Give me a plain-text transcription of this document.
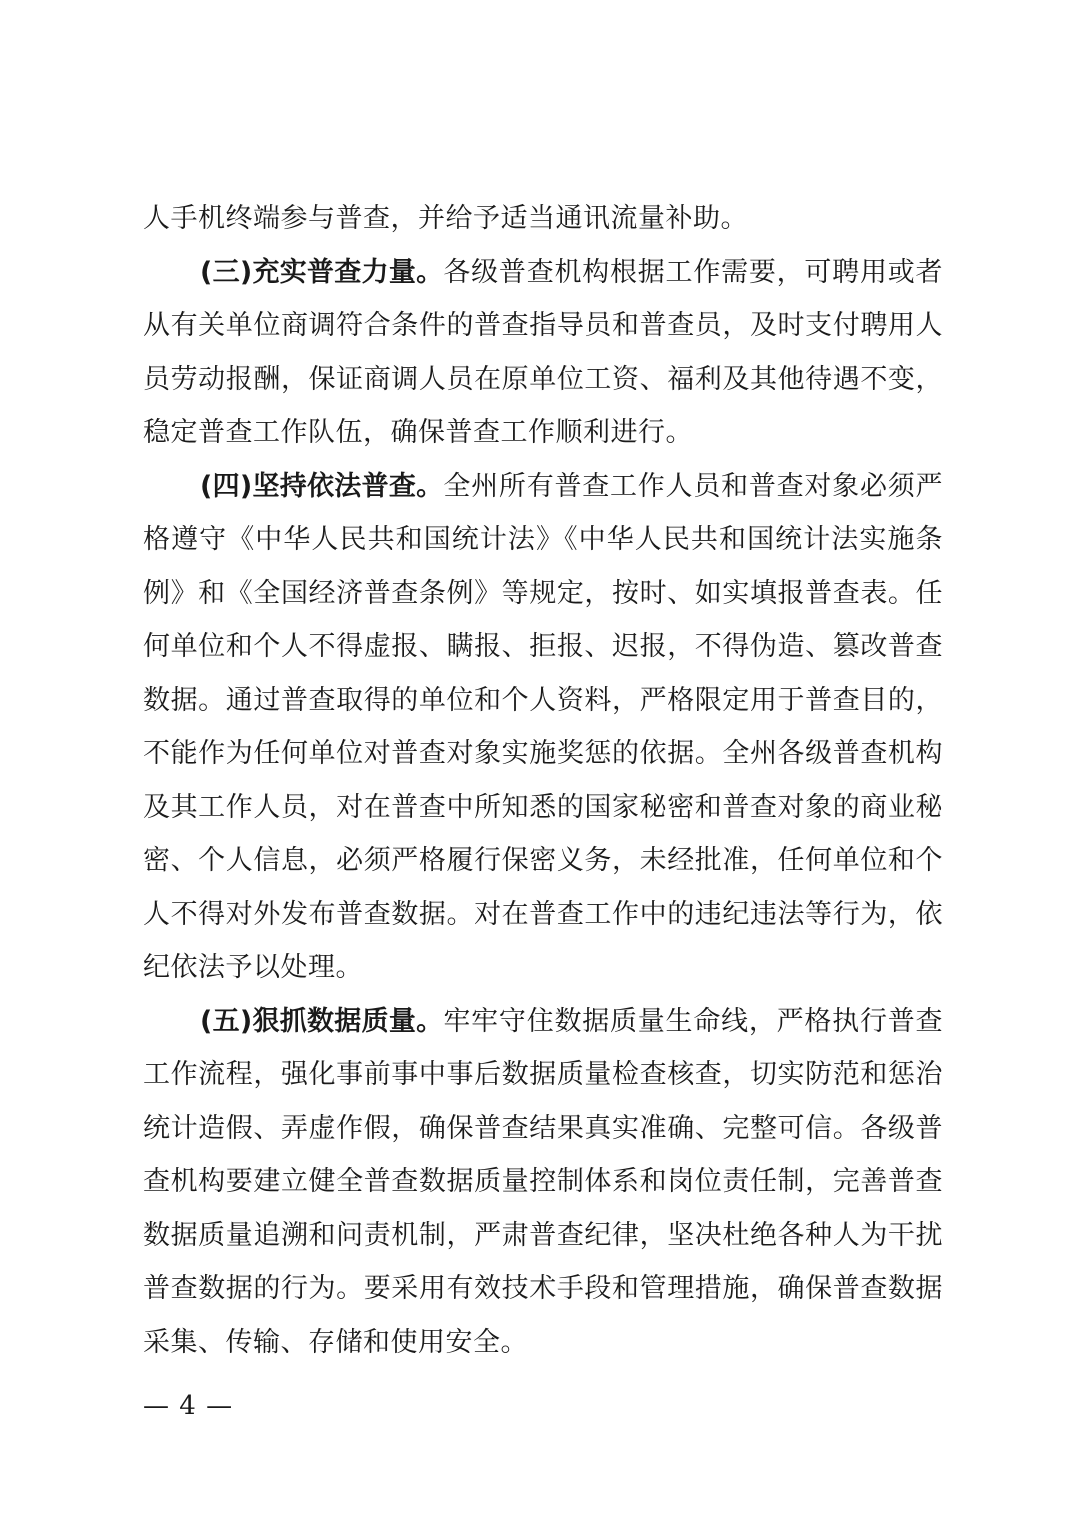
人手机终端参与普查，并给予适当通讯流量补助。

(三)充实普查力量。各级普查机构根据工作需要，可聘用或者从有关单位商调符合条件的普查指导员和普查员，及时支付聘用人员劳动报酬，保证商调人员在原单位工资、福利及其他待遇不变，稳定普查工作队伍，确保普查工作顺利进行。

(四)坚持依法普查。全州所有普查工作人员和普查对象必须严格遵守《中华人民共和国统计法》《中华人民共和国统计法实施条例》和《全国经济普查条例》等规定，按时、如实填报普查表。任何单位和个人不得虚报、瞒报、拒报、迟报，不得伪造、篡改普查数据。通过普查取得的单位和个人资料，严格限定用于普查目的，不能作为任何单位对普查对象实施奖惩的依据。全州各级普查机构及其工作人员，对在普查中所知悉的国家秘密和普查对象的商业秘密、个人信息，必须严格履行保密义务，未经批准，任何单位和个人不得对外发布普查数据。对在普查工作中的违纪违法等行为，依纪依法予以处理。

(五)狠抓数据质量。牢牢守住数据质量生命线，严格执行普查工作流程，强化事前事中事后数据质量检查核查，切实防范和惩治统计造假、弄虚作假，确保普查结果真实准确、完整可信。各级普查机构要建立健全普查数据质量控制体系和岗位责任制，完善普查数据质量追溯和问责机制，严肃普查纪律，坚决杜绝各种人为干扰普查数据的行为。要采用有效技术手段和管理措施，确保普查数据采集、传输、存储和使用安全。

— 4 —
